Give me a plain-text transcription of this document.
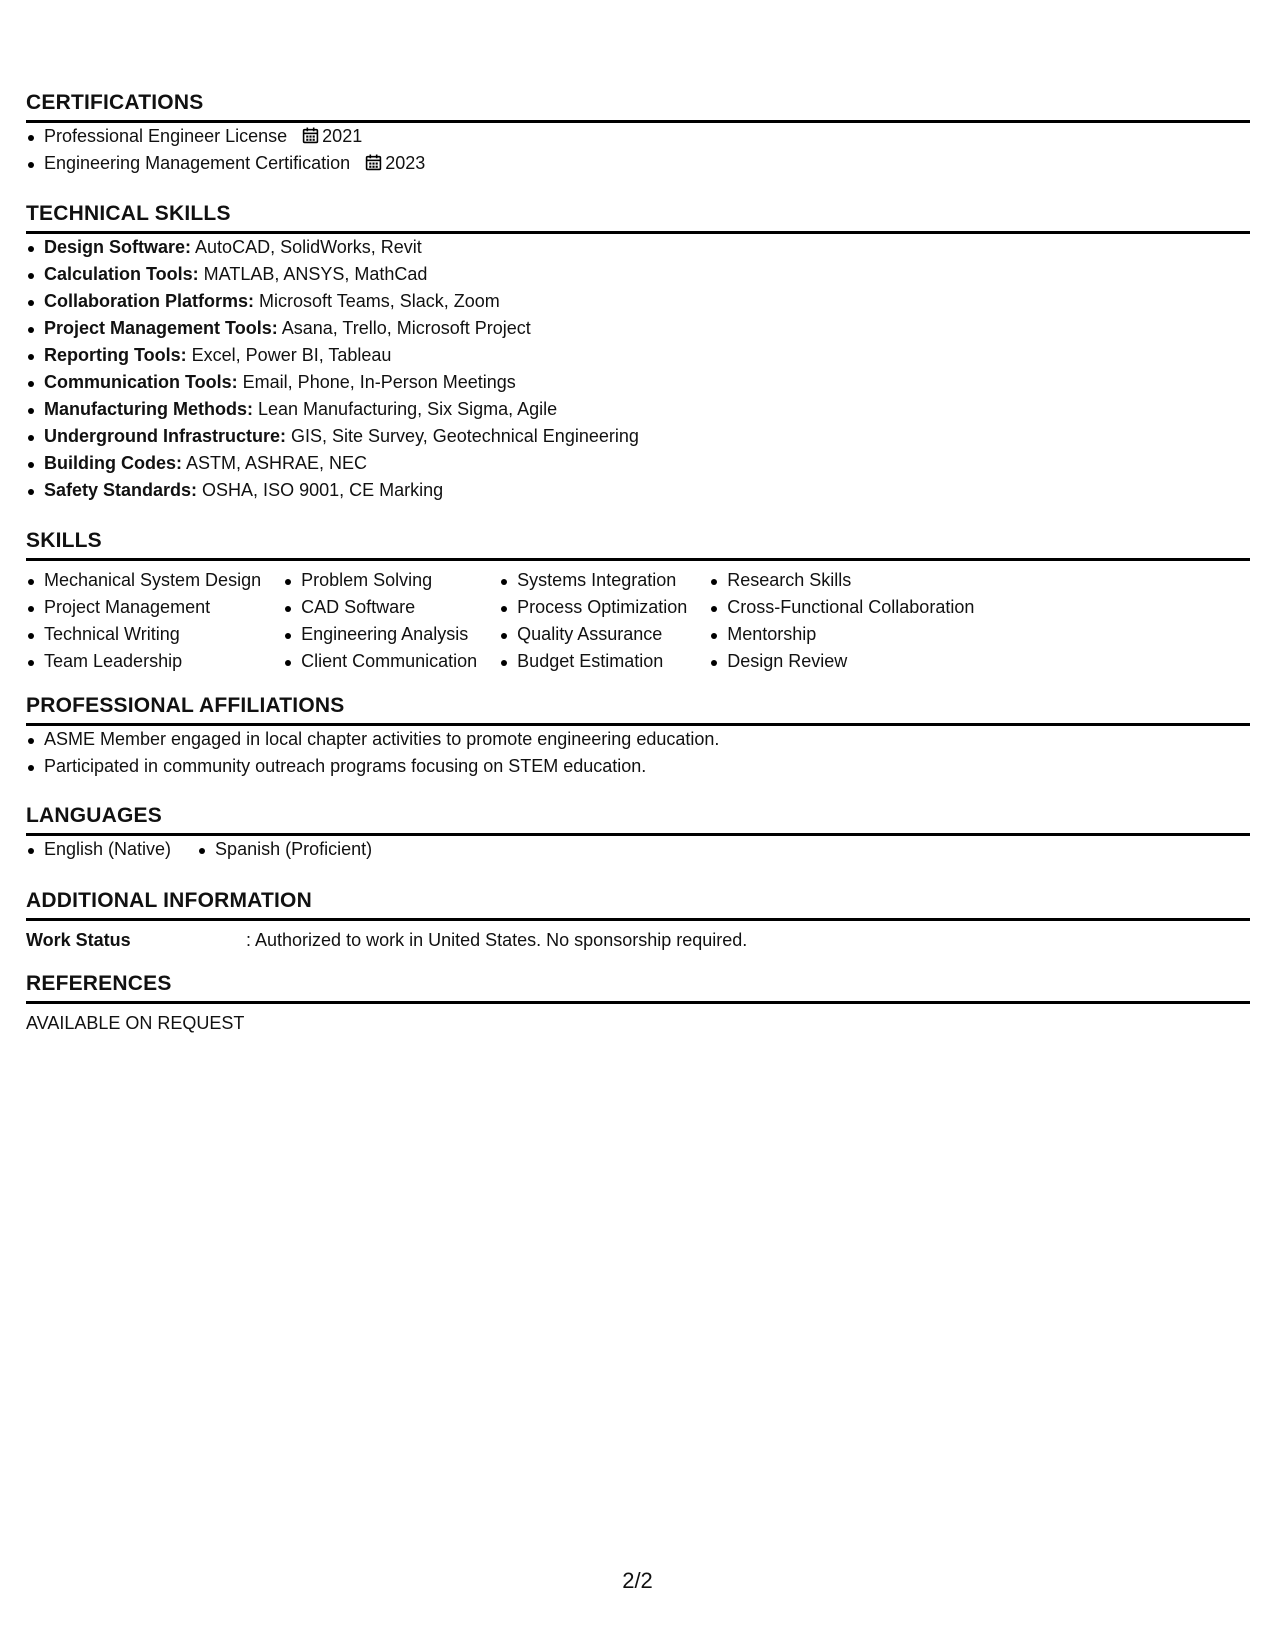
CERTIFICATIONS
Professional Engineer License 2021
Engineering Management Certification 2023
TECHNICAL SKILLS
Design Software: AutoCAD, SolidWorks, Revit
Calculation Tools: MATLAB, ANSYS, MathCad
Collaboration Platforms: Microsoft Teams, Slack, Zoom
Project Management Tools: Asana, Trello, Microsoft Project
Reporting Tools: Excel, Power BI, Tableau
Communication Tools: Email, Phone, In-Person Meetings
Manufacturing Methods: Lean Manufacturing, Six Sigma, Agile
Underground Infrastructure: GIS, Site Survey, Geotechnical Engineering
Building Codes: ASTM, ASHRAE, NEC
Safety Standards: OSHA, ISO 9001, CE Marking
SKILLS
Mechanical System Design
Project Management
Technical Writing
Team Leadership
Problem Solving
CAD Software
Engineering Analysis
Client Communication
Systems Integration
Process Optimization
Quality Assurance
Budget Estimation
Research Skills
Cross-Functional Collaboration
Mentorship
Design Review
PROFESSIONAL AFFILIATIONS
ASME Member engaged in local chapter activities to promote engineering education.
Participated in community outreach programs focusing on STEM education.
LANGUAGES
English (Native)	Spanish (Proficient)
ADDITIONAL INFORMATION
Work Status	: Authorized to work in United States. No sponsorship required.
REFERENCES
AVAILABLE ON REQUEST
2/2
